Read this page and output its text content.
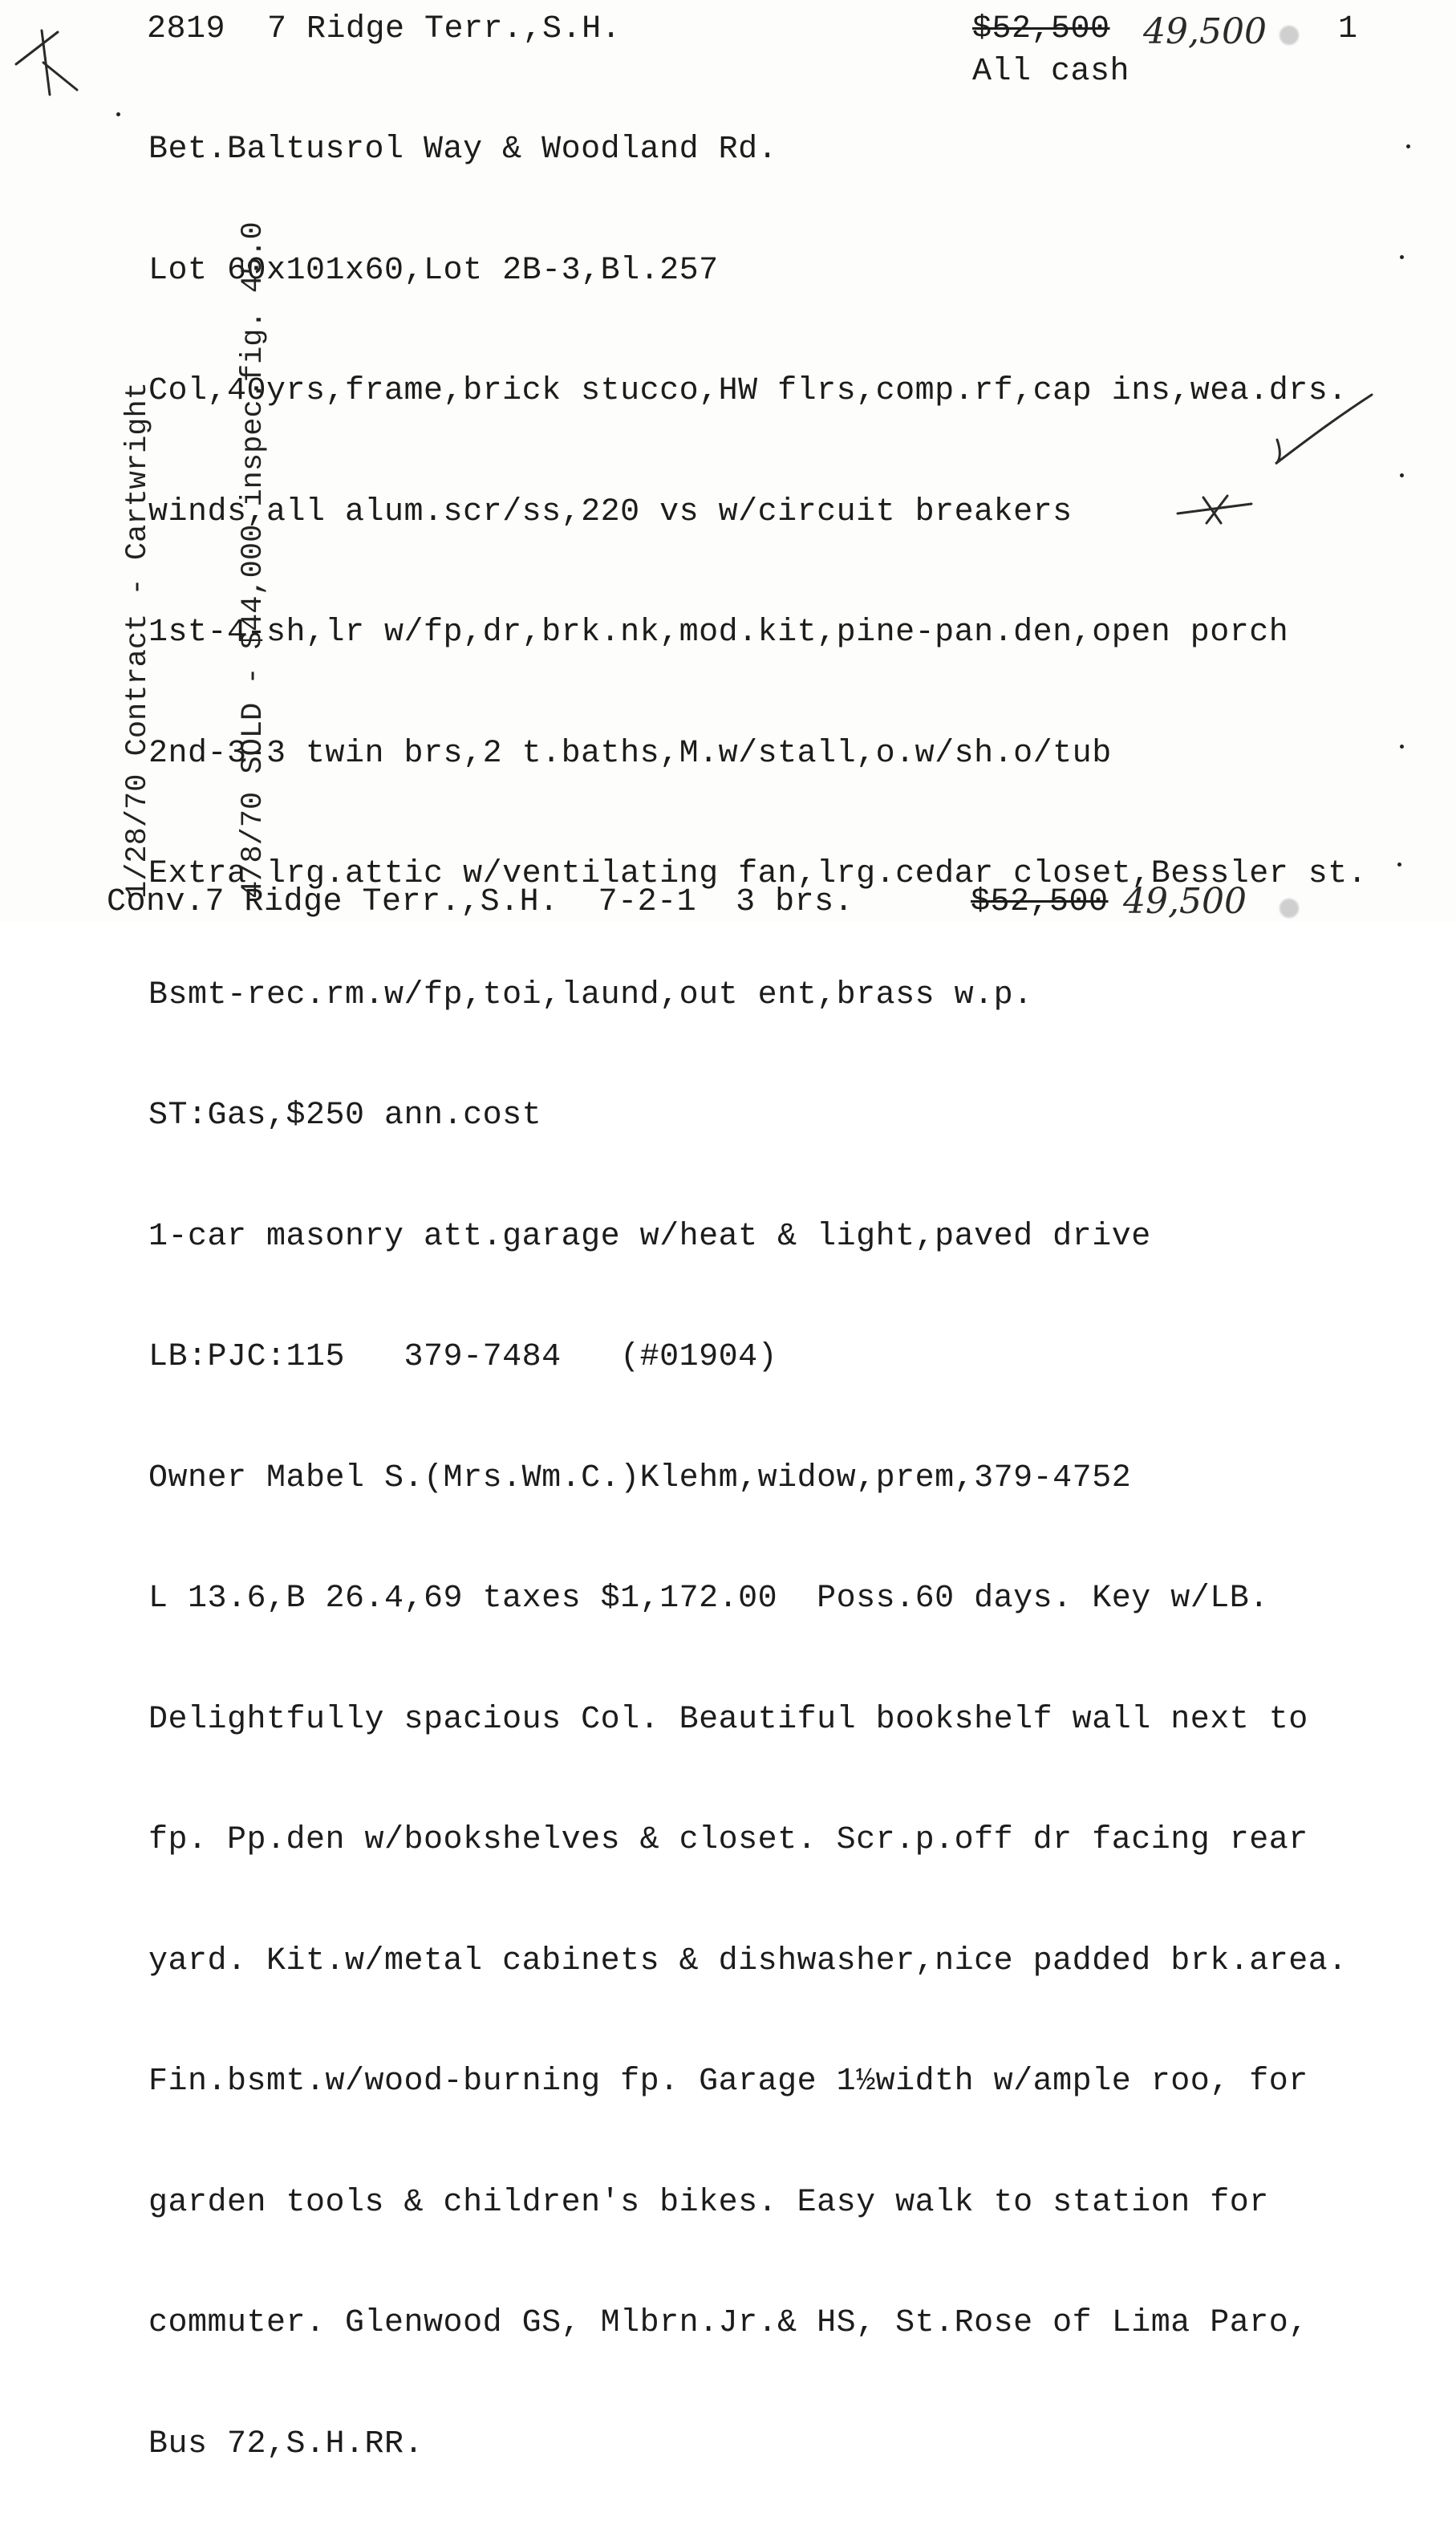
2819 7 Ridge Terr.,S.H.	$52,500 49,500 1
All cash

Bet.Baltusrol Way & Woodland Rd.

Lot 60x101x60,Lot 2B-3,Bl.257

Col,40yrs,frame,brick stucco,HW flrs,comp.rf,cap ins,wea.drs.

winds,all alum.scr/ss,220 vs w/circuit breakers

1st-4-sh,lr w/fp,dr,brk.nk,mod.kit,pine-pan.den,open porch

2nd-3-3 twin brs,2 t.baths,M.w/stall,o.w/sh.o/tub

Extra lrg.attic w/ventilating fan,lrg.cedar closet,Bessler st.

Bsmt-rec.rm.w/fp,toi,laund,out ent,brass w.p.

ST:Gas,$250 ann.cost

1-car masonry att.garage w/heat & light,paved drive

LB:PJC:115   379-7484   (#01904)

Owner Mabel S.(Mrs.Wm.C.)Klehm,widow,prem,379-4752

L 13.6,B 26.4,69 taxes $1,172.00  Poss.60 days. Key w/LB.

Delightfully spacious Col. Beautiful bookshelf wall next to

fp. Pp.den w/bookshelves & closet. Scr.p.off dr facing rear

yard. Kit.w/metal cabinets & dishwasher,nice padded brk.area.

Fin.bsmt.w/wood-burning fp. Garage 1½width w/ample roo, for

garden tools & children's bikes. Easy walk to station for

commuter. Glenwood GS, Mlbrn.Jr.& HS, St.Rose of Lima Paro,

Bus 72,S.H.RR.

1/28/70 Contract - Cartwright

	4/8/70 SOLD - $44,000 inspec.fig. 45.0

Conv.7 Ridge Terr.,S.H.  7-2-1  3 brs.	$52,500 49,500
